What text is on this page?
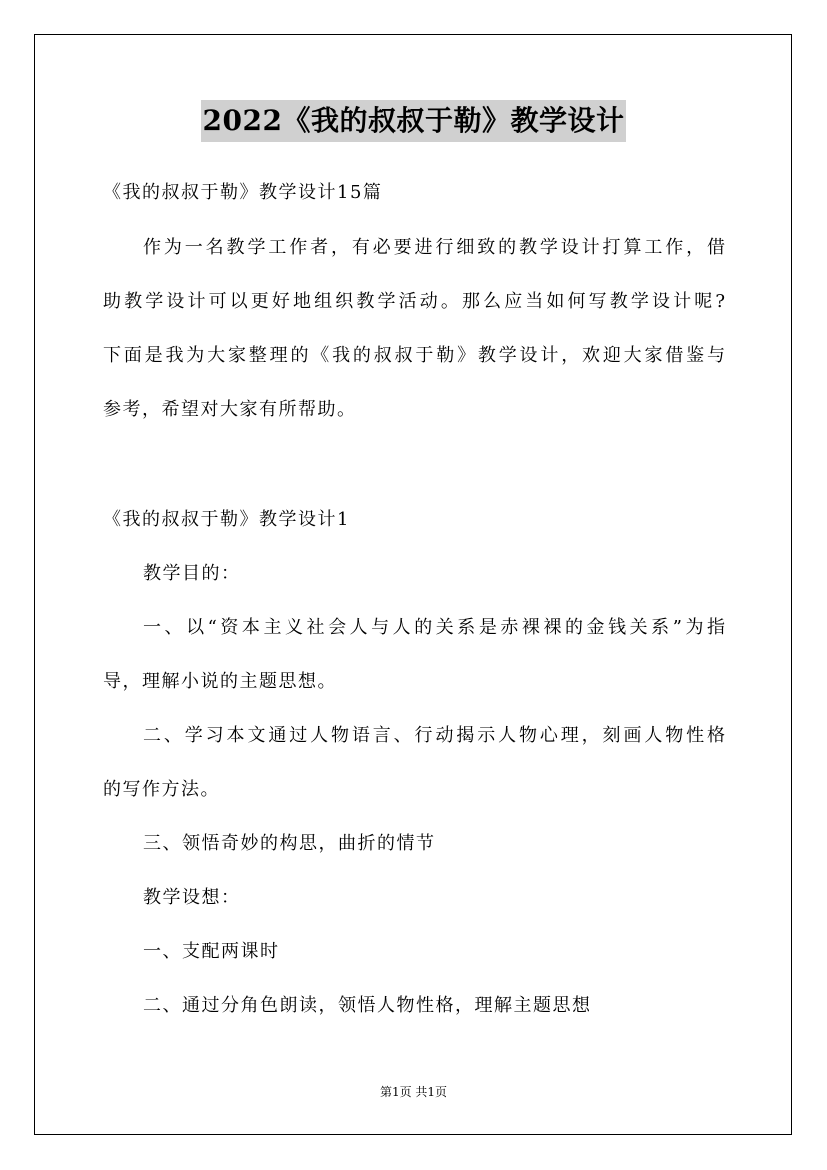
2022《我的叔叔于勒》教学设计
《我的叔叔于勒》教学设计15篇
作为一名教学工作者，有必要进行细致的教学设计打算工作，借
助教学设计可以更好地组织教学活动。那么应当如何写教学设计呢?
下面是我为大家整理的《我的叔叔于勒》教学设计，欢迎大家借鉴与
参考，希望对大家有所帮助。
《我的叔叔于勒》教学设计1
教学目的：
一、以“资本主义社会人与人的关系是赤裸裸的金钱关系”为指
导，理解小说的主题思想。
二、学习本文通过人物语言、行动揭示人物心理，刻画人物性格
的写作方法。
三、领悟奇妙的构思，曲折的情节
教学设想：
一、支配两课时
二、通过分角色朗读，领悟人物性格，理解主题思想
第1页 共1页
